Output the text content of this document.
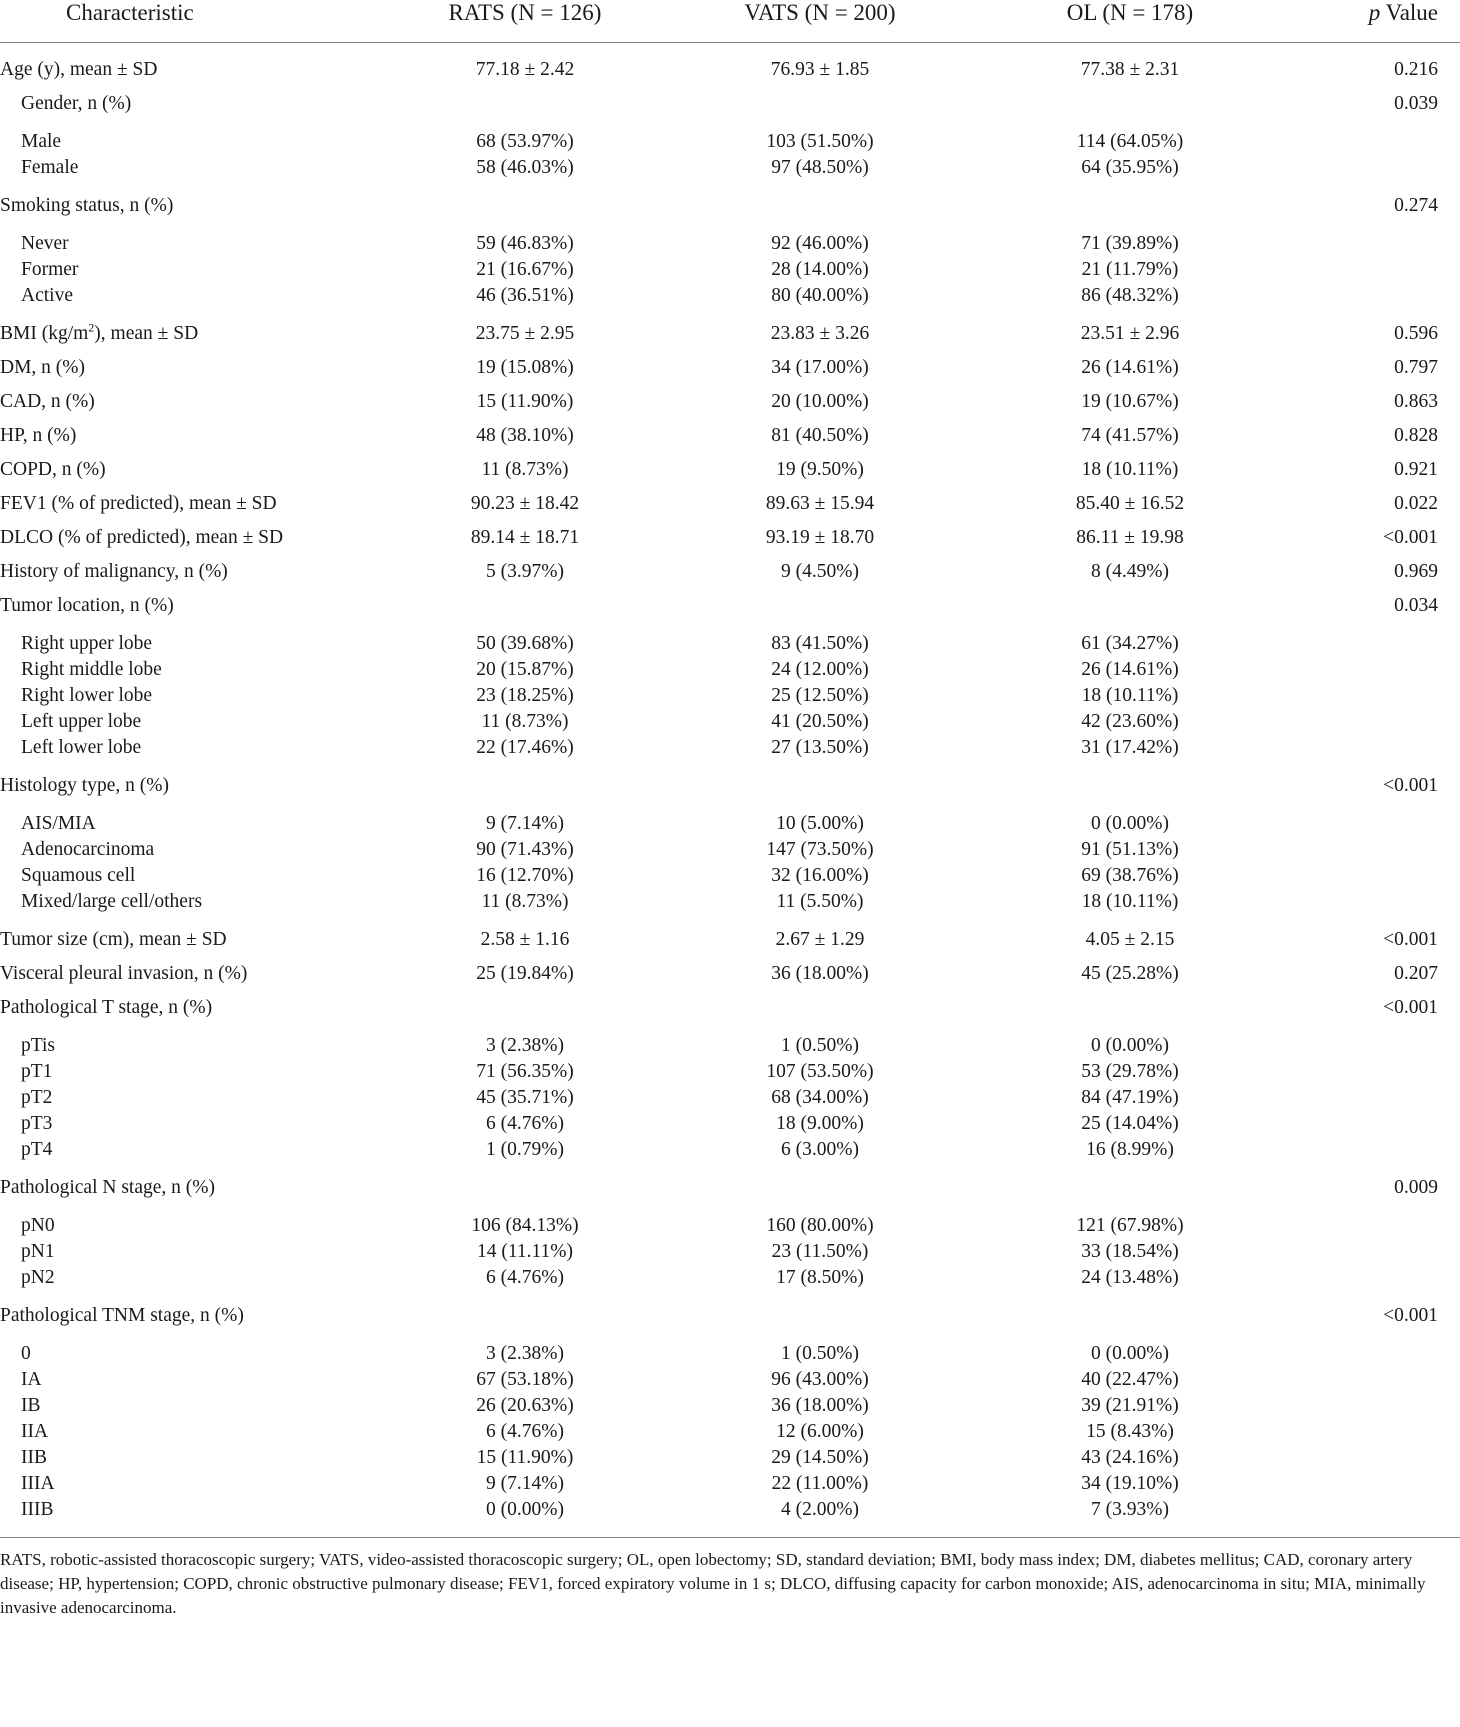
Characteristic	RATS (N = 126)	VATS (N = 200)	OL (N = 178)	p Value

Age (y), mean ± SD	77.18 ± 2.42	76.93 ± 1.85	77.38 ± 2.31	0.216
Gender, n (%)				0.039

Male	68 (53.97%)	103 (51.50%)	114 (64.05%)	
Female	58 (46.03%)	97 (48.50%)	64 (35.95%)	

Smoking status, n (%)				0.274

Never	59 (46.83%)	92 (46.00%)	71 (39.89%)	
Former	21 (16.67%)	28 (14.00%)	21 (11.79%)	
Active	46 (36.51%)	80 (40.00%)	86 (48.32%)	

BMI $(kg/m^2)$, mean ± SD	23.75 ± 2.95	23.83 ± 3.26	23.51 ± 2.96	0.596
DM, n (%)	19 (15.08%)	34 (17.00%)	26 (14.61%)	0.797
CAD, n (%)	15 (11.90%)	20 (10.00%)	19 (10.67%)	0.863
HP, n (%)	48 (38.10%)	81 (40.50%)	74 (41.57%)	0.828
COPD, n (%)	11 (8.73%)	19 (9.50%)	18 (10.11%)	0.921
FEV1 (% of predicted), mean ± SD	90.23 ± 18.42	89.63 ± 15.94	85.40 ± 16.52	0.022
DLCO (% of predicted), mean ± SD	89.14 ± 18.71	93.19 ± 18.70	86.11 ± 19.98	<0.001
History of malignancy, n (%)	5 (3.97%)	9 (4.50%)	8 (4.49%)	0.969
Tumor location, n (%)				0.034

Right upper lobe	50 (39.68%)	83 (41.50%)	61 (34.27%)	
Right middle lobe	20 (15.87%)	24 (12.00%)	26 (14.61%)	
Right lower lobe	23 (18.25%)	25 (12.50%)	18 (10.11%)	
Left upper lobe	11 (8.73%)	41 (20.50%)	42 (23.60%)	
Left lower lobe	22 (17.46%)	27 (13.50%)	31 (17.42%)	

Histology type, n (%)				<0.001

AIS/MIA	9 (7.14%)	10 (5.00%)	0 (0.00%)	
Adenocarcinoma	90 (71.43%)	147 (73.50%)	91 (51.13%)	
Squamous cell	16 (12.70%)	32 (16.00%)	69 (38.76%)	
Mixed/large cell/others	11 (8.73%)	11 (5.50%)	18 (10.11%)	

Tumor size (cm), mean ± SD	2.58 ± 1.16	2.67 ± 1.29	4.05 ± 2.15	<0.001
Visceral pleural invasion, n (%)	25 (19.84%)	36 (18.00%)	45 (25.28%)	0.207
Pathological T stage, n (%)				<0.001

pTis	3 (2.38%)	1 (0.50%)	0 (0.00%)	
pT1	71 (56.35%)	107 (53.50%)	53 (29.78%)	
pT2	45 (35.71%)	68 (34.00%)	84 (47.19%)	
pT3	6 (4.76%)	18 (9.00%)	25 (14.04%)	
pT4	1 (0.79%)	6 (3.00%)	16 (8.99%)	

Pathological N stage, n (%)				0.009

pN0	106 (84.13%)	160 (80.00%)	121 (67.98%)	
pN1	14 (11.11%)	23 (11.50%)	33 (18.54%)	
pN2	6 (4.76%)	17 (8.50%)	24 (13.48%)	

Pathological TNM stage, n (%)				<0.001

0	3 (2.38%)	1 (0.50%)	0 (0.00%)	
IA	67 (53.18%)	96 (43.00%)	40 (22.47%)	
IB	26 (20.63%)	36 (18.00%)	39 (21.91%)	
IIA	6 (4.76%)	12 (6.00%)	15 (8.43%)	
IIB	15 (11.90%)	29 (14.50%)	43 (24.16%)	
IIIA	9 (7.14%)	22 (11.00%)	34 (19.10%)	
IIIB	0 (0.00%)	4 (2.00%)	7 (3.93%)	
RATS, robotic-assisted thoracoscopic surgery; VATS, video-assisted thoracoscopic surgery; OL, open lobectomy; SD, standard deviation; BMI, body mass index; DM, diabetes mellitus; CAD, coronary artery disease; HP, hypertension; COPD, chronic obstructive pulmonary disease; FEV1, forced expiratory volume in 1 s; DLCO, diffusing capacity for carbon monoxide; AIS, adenocarcinoma in situ; MIA, minimally invasive adenocarcinoma.
